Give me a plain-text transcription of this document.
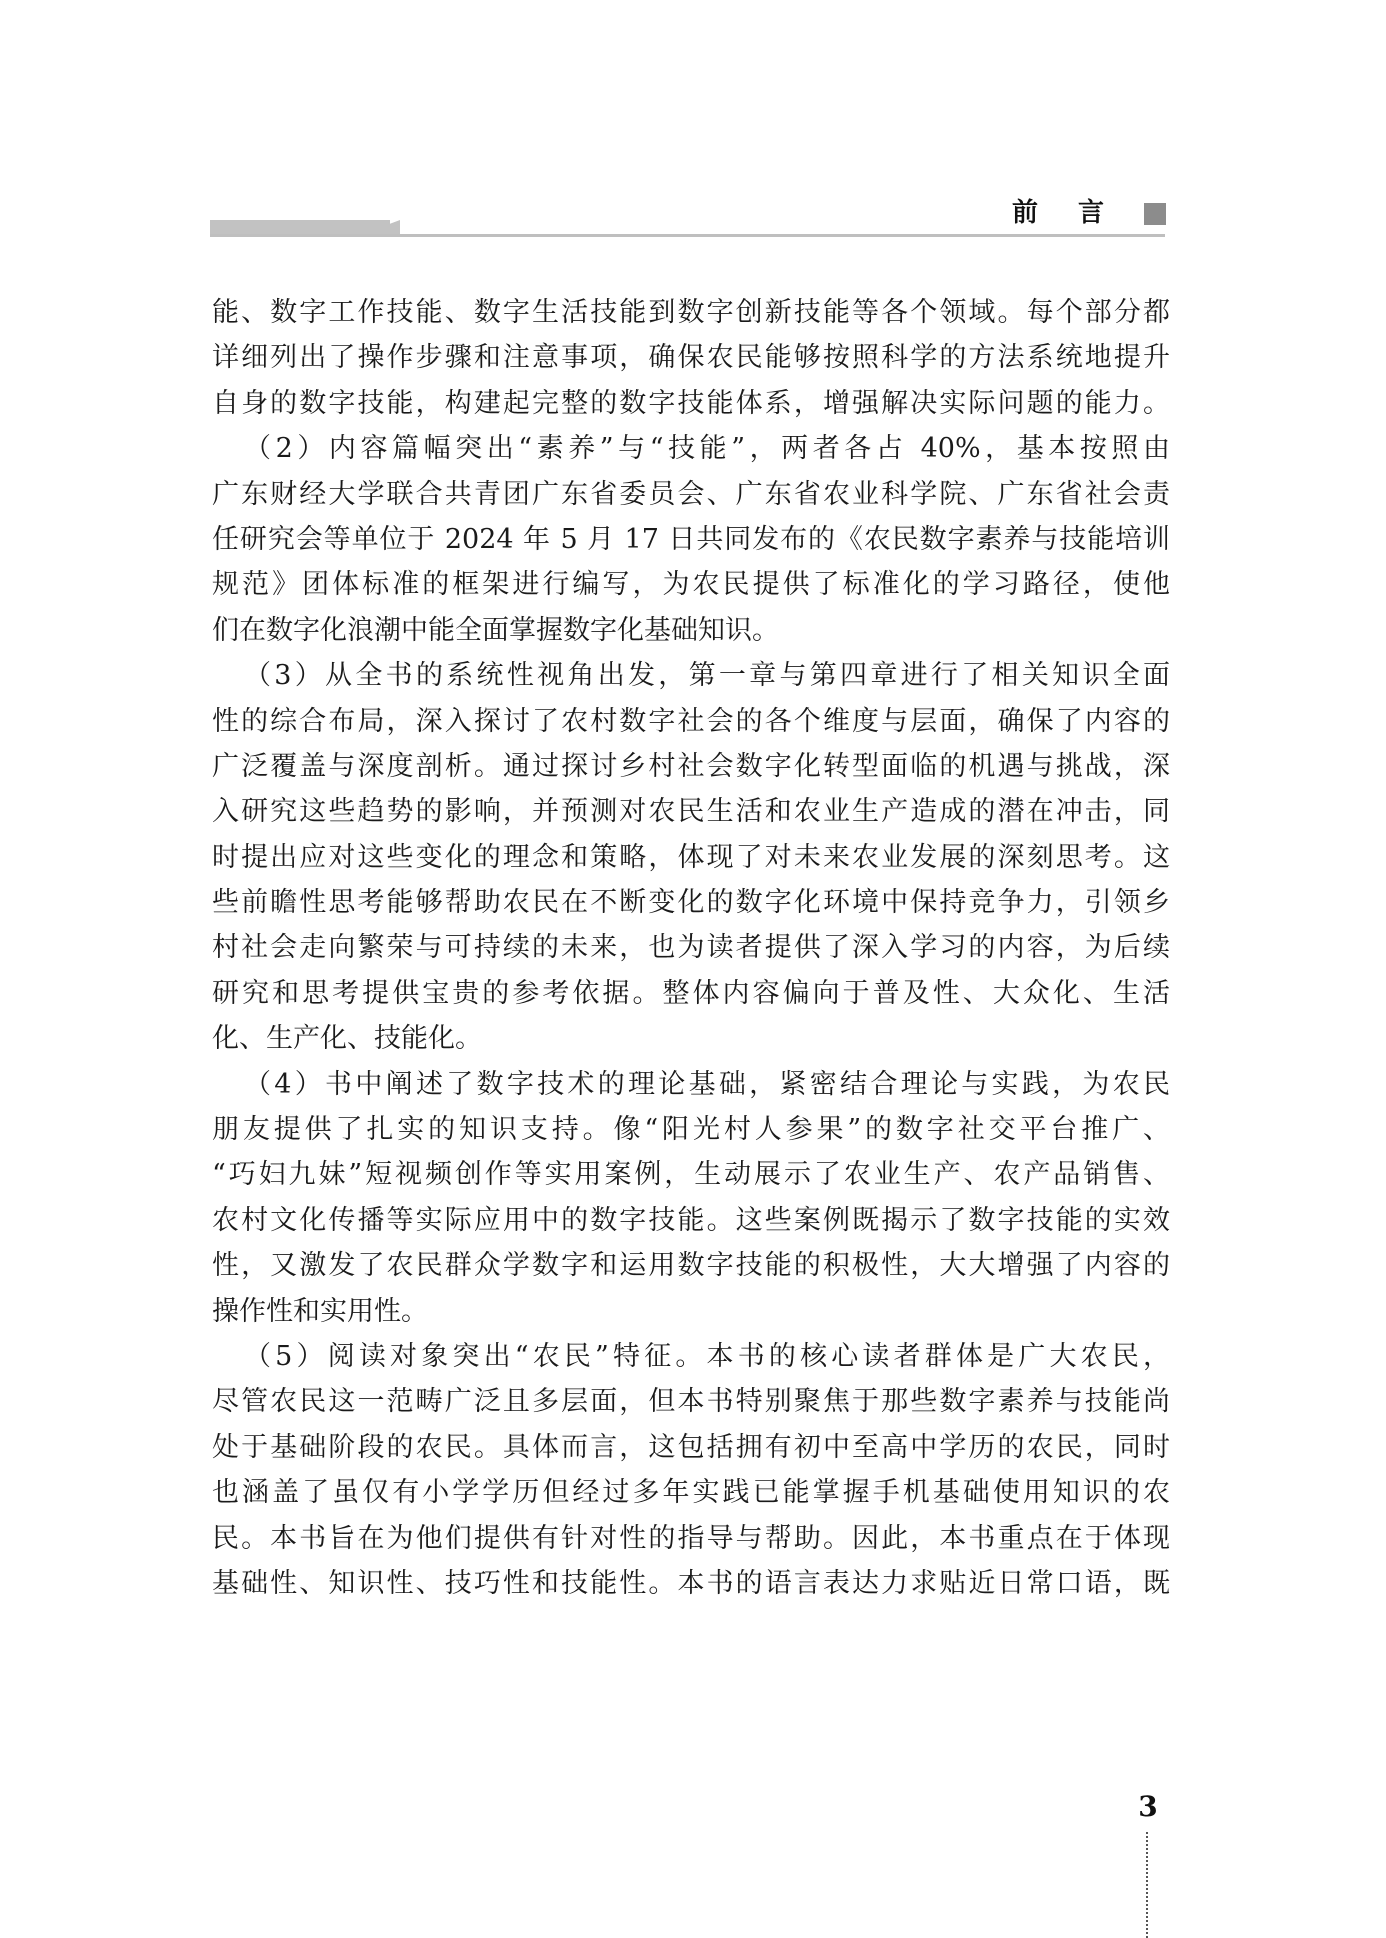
前言
能、数字工作技能、数字生活技能到数字创新技能等各个领域。每个部分都
详细列出了操作步骤和注意事项，确保农民能够按照科学的方法系统地提升
自身的数字技能，构建起完整的数字技能体系，增强解决实际问题的能力。
（2）内容篇幅突出“素养”与“技能”，两者各占 40%，基本按照由
广东财经大学联合共青团广东省委员会、广东省农业科学院、广东省社会责
任研究会等单位于 2024 年 5 月 17 日共同发布的《农民数字素养与技能培训
规范》团体标准的框架进行编写，为农民提供了标准化的学习路径，使他
们在数字化浪潮中能全面掌握数字化基础知识。
（3）从全书的系统性视角出发，第一章与第四章进行了相关知识全面
性的综合布局，深入探讨了农村数字社会的各个维度与层面，确保了内容的
广泛覆盖与深度剖析。通过探讨乡村社会数字化转型面临的机遇与挑战，深
入研究这些趋势的影响，并预测对农民生活和农业生产造成的潜在冲击，同
时提出应对这些变化的理念和策略，体现了对未来农业发展的深刻思考。这
些前瞻性思考能够帮助农民在不断变化的数字化环境中保持竞争力，引领乡
村社会走向繁荣与可持续的未来，也为读者提供了深入学习的内容，为后续
研究和思考提供宝贵的参考依据。整体内容偏向于普及性、大众化、生活
化、生产化、技能化。
（4）书中阐述了数字技术的理论基础，紧密结合理论与实践，为农民
朋友提供了扎实的知识支持。像“阳光村人参果”的数字社交平台推广、
“巧妇九妹”短视频创作等实用案例，生动展示了农业生产、农产品销售、
农村文化传播等实际应用中的数字技能。这些案例既揭示了数字技能的实效
性，又激发了农民群众学数字和运用数字技能的积极性，大大增强了内容的
操作性和实用性。
（5）阅读对象突出“农民”特征。本书的核心读者群体是广大农民，
尽管农民这一范畴广泛且多层面，但本书特别聚焦于那些数字素养与技能尚
处于基础阶段的农民。具体而言，这包括拥有初中至高中学历的农民，同时
也涵盖了虽仅有小学学历但经过多年实践已能掌握手机基础使用知识的农
民。本书旨在为他们提供有针对性的指导与帮助。因此，本书重点在于体现
基础性、知识性、技巧性和技能性。本书的语言表达力求贴近日常口语，既
3
